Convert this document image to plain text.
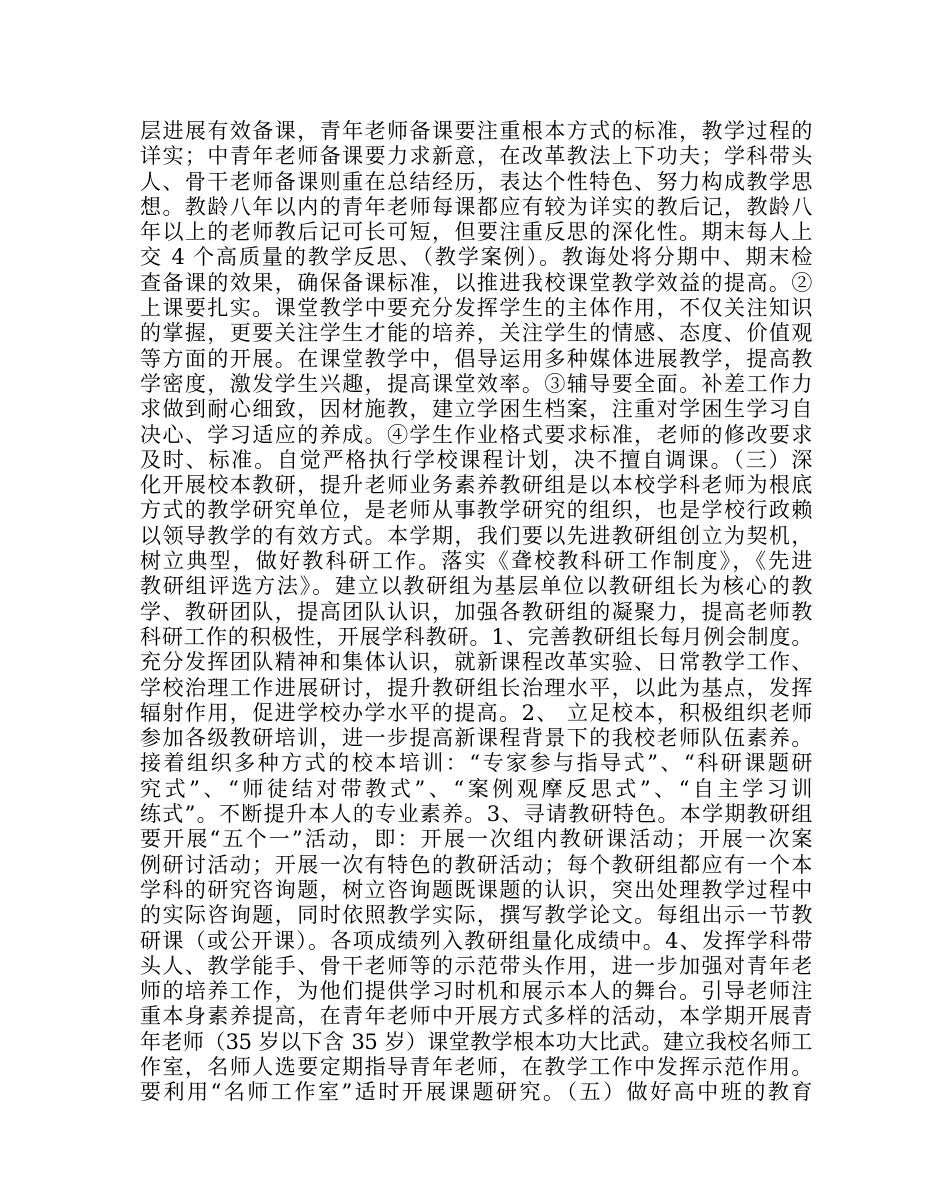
层进展有效备课，青年老师备课要注重根本方式的标准，教学过程的
详实；中青年老师备课要力求新意，在改革教法上下功夫；学科带头
人、骨干老师备课则重在总结经历，表达个性特色、努力构成教学思
想。教龄八年以内的青年老师每课都应有较为详实的教后记，教龄八
年以上的老师教后记可长可短，但要注重反思的深化性。期末每人上
交 4 个高质量的教学反思、（教学案例）。教诲处将分期中、期末检
查备课的效果，确保备课标准，以推进我校课堂教学效益的提高。②
上课要扎实。课堂教学中要充分发挥学生的主体作用，不仅关注知识
的掌握，更要关注学生才能的培养，关注学生的情感、态度、价值观
等方面的开展。在课堂教学中，倡导运用多种媒体进展教学，提高教
学密度，激发学生兴趣，提高课堂效率。③辅导要全面。补差工作力
求做到耐心细致，因材施教，建立学困生档案，注重对学困生学习自
决心、学习适应的养成。④学生作业格式要求标准，老师的修改要求
及时、标准。自觉严格执行学校课程计划，决不擅自调课。（三）深
化开展校本教研，提升老师业务素养教研组是以本校学科老师为根底
方式的教学研究单位，是老师从事教学研究的组织，也是学校行政赖
以领导教学的有效方式。本学期，我们要以先进教研组创立为契机，
树立典型，做好教科研工作。落实《聋校教科研工作制度》，《先进
教研组评选方法》。建立以教研组为基层单位以教研组长为核心的教
学、教研团队，提高团队认识，加强各教研组的凝聚力，提高老师教
科研工作的积极性，开展学科教研。1、完善教研组长每月例会制度。
充分发挥团队精神和集体认识，就新课程改革实验、日常教学工作、
学校治理工作进展研讨，提升教研组长治理水平，以此为基点，发挥
辐射作用，促进学校办学水平的提高。2、 立足校本，积极组织老师
参加各级教研培训，进一步提高新课程背景下的我校老师队伍素养。
接着组织多种方式的校本培训：“专家参与指导式”、“科研课题研
究式”、“师徒结对带教式”、“案例观摩反思式”、“自主学习训
练式”。不断提升本人的专业素养。3、寻请教研特色。本学期教研组
要开展“五个一”活动，即：开展一次组内教研课活动；开展一次案
例研讨活动；开展一次有特色的教研活动；每个教研组都应有一个本
学科的研究咨询题，树立咨询题既课题的认识，突出处理教学过程中
的实际咨询题，同时依照教学实际，撰写教学论文。每组出示一节教
研课（或公开课）。各项成绩列入教研组量化成绩中。4、发挥学科带
头人、教学能手、骨干老师等的示范带头作用，进一步加强对青年老
师的培养工作，为他们提供学习时机和展示本人的舞台。引导老师注
重本身素养提高，在青年老师中开展方式多样的活动，本学期开展青
年老师（35 岁以下含 35 岁）课堂教学根本功大比武。建立我校名师工
作室，名师人选要定期指导青年老师，在教学工作中发挥示范作用。
要利用“名师工作室”适时开展课题研究。（五）做好高中班的教育
